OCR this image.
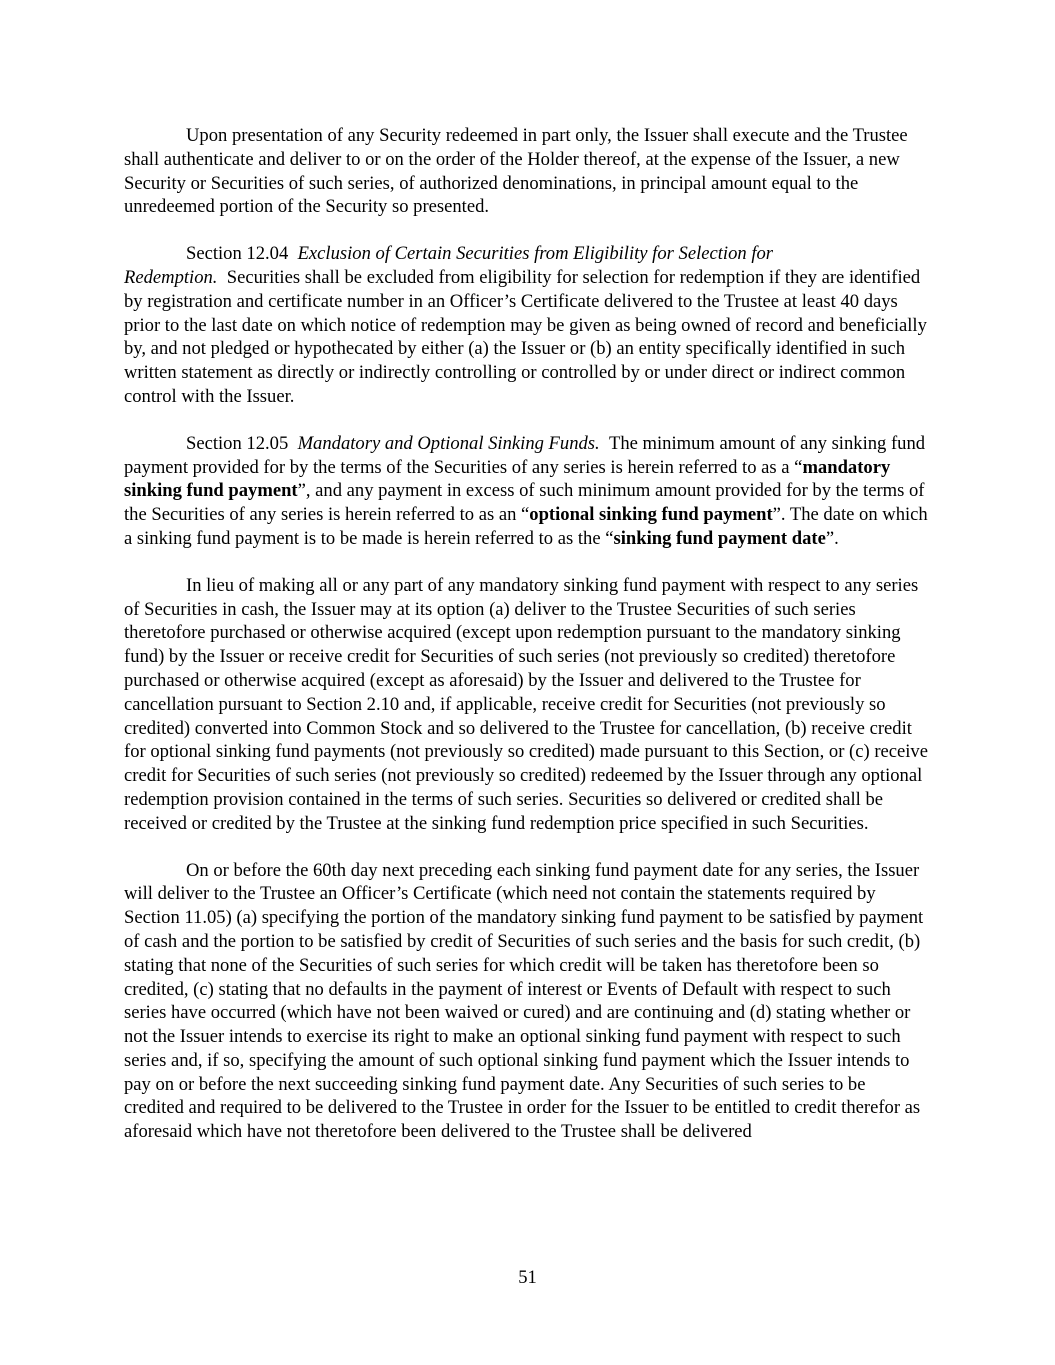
Upon presentation of any Security redeemed in part only, the Issuer shall execute and the Trustee shall authenticate and deliver to or on the order of the Holder thereof, at the expense of the Issuer, a new Security or Securities of such series, of authorized denominations, in principal amount equal to the unredeemed portion of the Security so presented.

Section 12.04 Exclusion of Certain Securities from Eligibility for Selection for Redemption. Securities shall be excluded from eligibility for selection for redemption if they are identified by registration and certificate number in an Officer’s Certificate delivered to the Trustee at least 40 days prior to the last date on which notice of redemption may be given as being owned of record and beneficially by, and not pledged or hypothecated by either (a) the Issuer or (b) an entity specifically identified in such written statement as directly or indirectly controlling or controlled by or under direct or indirect common control with the Issuer.

Section 12.05 Mandatory and Optional Sinking Funds. The minimum amount of any sinking fund payment provided for by the terms of the Securities of any series is herein referred to as a “mandatory sinking fund payment”, and any payment in excess of such minimum amount provided for by the terms of the Securities of any series is herein referred to as an “optional sinking fund payment”. The date on which a sinking fund payment is to be made is herein referred to as the “sinking fund payment date”.

In lieu of making all or any part of any mandatory sinking fund payment with respect to any series of Securities in cash, the Issuer may at its option (a) deliver to the Trustee Securities of such series theretofore purchased or otherwise acquired (except upon redemption pursuant to the mandatory sinking fund) by the Issuer or receive credit for Securities of such series (not previously so credited) theretofore purchased or otherwise acquired (except as aforesaid) by the Issuer and delivered to the Trustee for cancellation pursuant to Section 2.10 and, if applicable, receive credit for Securities (not previously so credited) converted into Common Stock and so delivered to the Trustee for cancellation, (b) receive credit for optional sinking fund payments (not previously so credited) made pursuant to this Section, or (c) receive credit for Securities of such series (not previously so credited) redeemed by the Issuer through any optional redemption provision contained in the terms of such series. Securities so delivered or credited shall be received or credited by the Trustee at the sinking fund redemption price specified in such Securities.

On or before the 60th day next preceding each sinking fund payment date for any series, the Issuer will deliver to the Trustee an Officer’s Certificate (which need not contain the statements required by Section 11.05) (a) specifying the portion of the mandatory sinking fund payment to be satisfied by payment of cash and the portion to be satisfied by credit of Securities of such series and the basis for such credit, (b) stating that none of the Securities of such series for which credit will be taken has theretofore been so credited, (c) stating that no defaults in the payment of interest or Events of Default with respect to such series have occurred (which have not been waived or cured) and are continuing and (d) stating whether or not the Issuer intends to exercise its right to make an optional sinking fund payment with respect to such series and, if so, specifying the amount of such optional sinking fund payment which the Issuer intends to pay on or before the next succeeding sinking fund payment date. Any Securities of such series to be credited and required to be delivered to the Trustee in order for the Issuer to be entitled to credit therefor as aforesaid which have not theretofore been delivered to the Trustee shall be delivered

51
